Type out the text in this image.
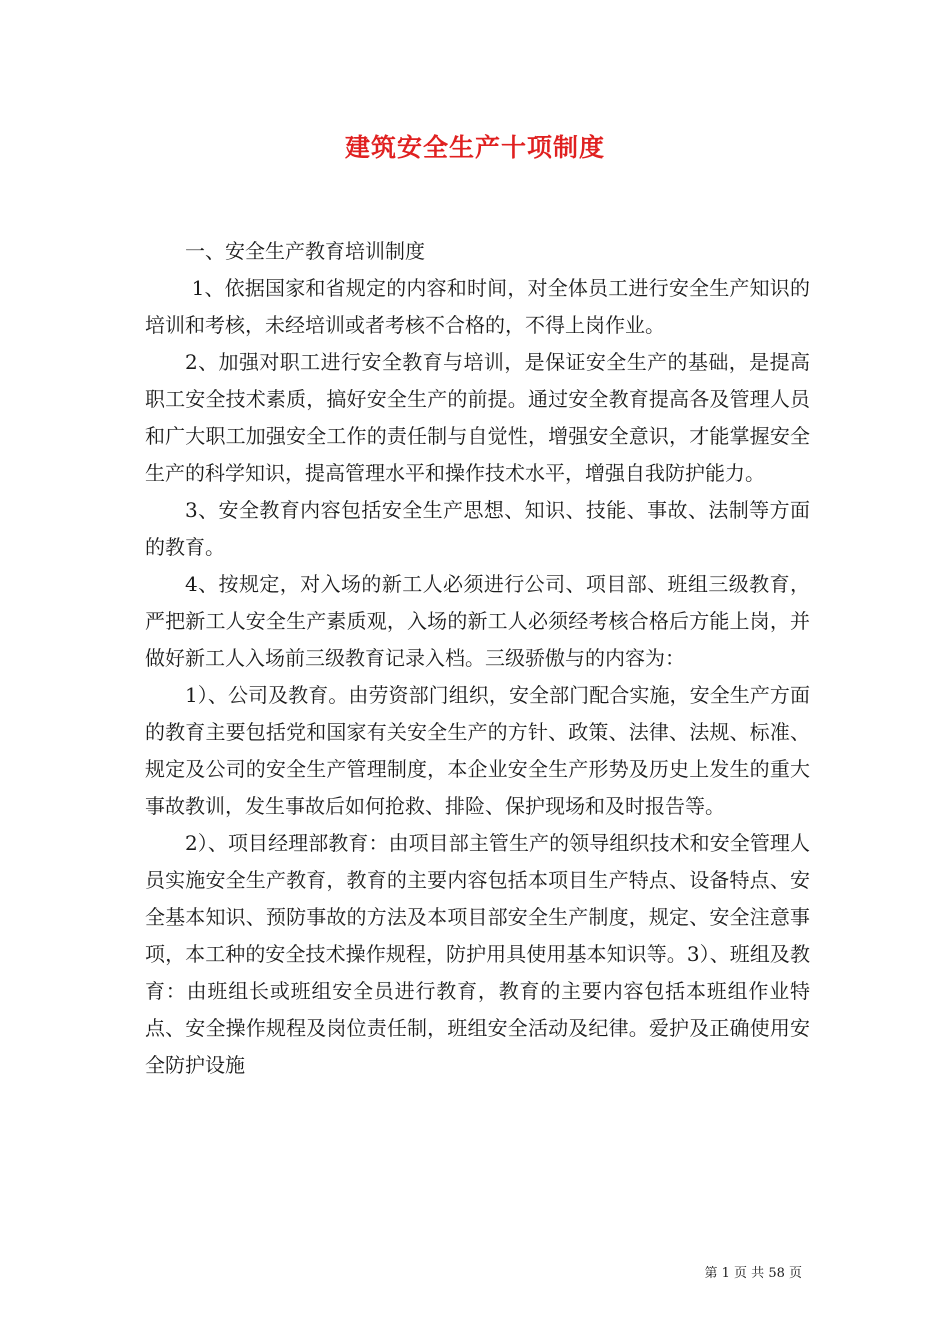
建筑安全生产十项制度

一、安全生产教育培训制度

1、依据国家和省规定的内容和时间，对全体员工进行安全生产知识的培训和考核，未经培训或者考核不合格的，不得上岗作业。

2、加强对职工进行安全教育与培训，是保证安全生产的基础，是提高职工安全技术素质，搞好安全生产的前提。通过安全教育提高各及管理人员和广大职工加强安全工作的责任制与自觉性，增强安全意识，才能掌握安全生产的科学知识，提高管理水平和操作技术水平，增强自我防护能力。

3、安全教育内容包括安全生产思想、知识、技能、事故、法制等方面的教育。

4、按规定，对入场的新工人必须进行公司、项目部、班组三级教育，严把新工人安全生产素质观，入场的新工人必须经考核合格后方能上岗，并做好新工人入场前三级教育记录入档。三级骄傲与的内容为：

1）、公司及教育。由劳资部门组织，安全部门配合实施，安全生产方面的教育主要包括党和国家有关安全生产的方针、政策、法律、法规、标准、规定及公司的安全生产管理制度，本企业安全生产形势及历史上发生的重大事故教训，发生事故后如何抢救、排险、保护现场和及时报告等。

2）、项目经理部教育：由项目部主管生产的领导组织技术和安全管理人员实施安全生产教育，教育的主要内容包括本项目生产特点、设备特点、安全基本知识、预防事故的方法及本项目部安全生产制度，规定、安全注意事项，本工种的安全技术操作规程，防护用具使用基本知识等。3）、班组及教育：由班组长或班组安全员进行教育，教育的主要内容包括本班组作业特点、安全操作规程及岗位责任制，班组安全活动及纪律。爱护及正确使用安全防护设施

第 1 页 共 58 页
